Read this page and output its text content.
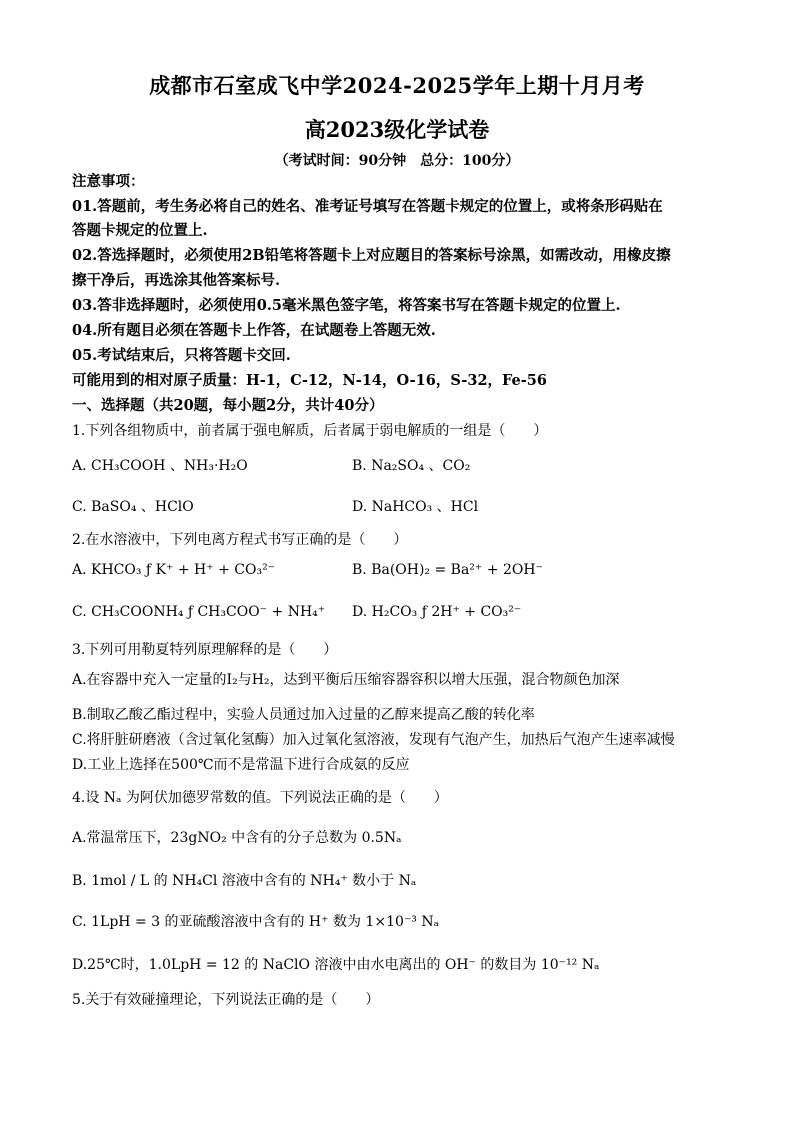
成都市石室成飞中学2024-2025学年上期十月月考
高2023级化学试卷
（考试时间：90分钟　总分：100分）
注意事项：
01.答题前，考生务必将自己的姓名、准考证号填写在答题卡规定的位置上，或将条形码贴在
答题卡规定的位置上.
02.答选择题时，必须使用2B铅笔将答题卡上对应题目的答案标号涂黑，如需改动，用橡皮擦
擦干净后，再选涂其他答案标号.
03.答非选择题时，必须使用0.5毫米黑色签字笔，将答案书写在答题卡规定的位置上.
04.所有题目必须在答题卡上作答，在试题卷上答题无效.
05.考试结束后，只将答题卡交回.
可能用到的相对原子质量：H-1，C-12，N-14，O-16，S-32，Fe-56
一、选择题（共20题，每小题2分，共计40分）
1.下列各组物质中，前者属于强电解质，后者属于弱电解质的一组是（　　）
A. CH₃COOH 、NH₃·H₂O	B. Na₂SO₄ 、CO₂
C. BaSO₄ 、HClO	D. NaHCO₃ 、HCl
2.在水溶液中，下列电离方程式书写正确的是（　　）
A. KHCO₃ ƒ K⁺ + H⁺ + CO₃²⁻	B. Ba(OH)₂ = Ba²⁺ + 2OH⁻
C. CH₃COONH₄ ƒ CH₃COO⁻ + NH₄⁺ D. H₂CO₃ ƒ 2H⁺ + CO₃²⁻
3.下列可用勒夏特列原理解释的是（　　）
A.在容器中充入一定量的I₂与H₂，达到平衡后压缩容器容积以增大压强，混合物颜色加深
B.制取乙酸乙酯过程中，实验人员通过加入过量的乙醇来提高乙酸的转化率
C.将肝脏研磨液（含过氧化氢酶）加入过氧化氢溶液，发现有气泡产生，加热后气泡产生速率减慢
D.工业上选择在500℃而不是常温下进行合成氨的反应
4.设 Nₐ 为阿伏加德罗常数的值。下列说法正确的是（　　）
A.常温常压下，23gNO₂ 中含有的分子总数为 0.5Nₐ
B. 1mol / L 的 NH₄Cl 溶液中含有的 NH₄⁺ 数小于 Nₐ
C. 1LpH = 3 的亚硫酸溶液中含有的 H⁺ 数为 1×10⁻³ Nₐ
D.25℃时，1.0LpH = 12 的 NaClO 溶液中由水电离出的 OH⁻ 的数目为 10⁻¹² Nₐ
5.关于有效碰撞理论，下列说法正确的是（　　）
